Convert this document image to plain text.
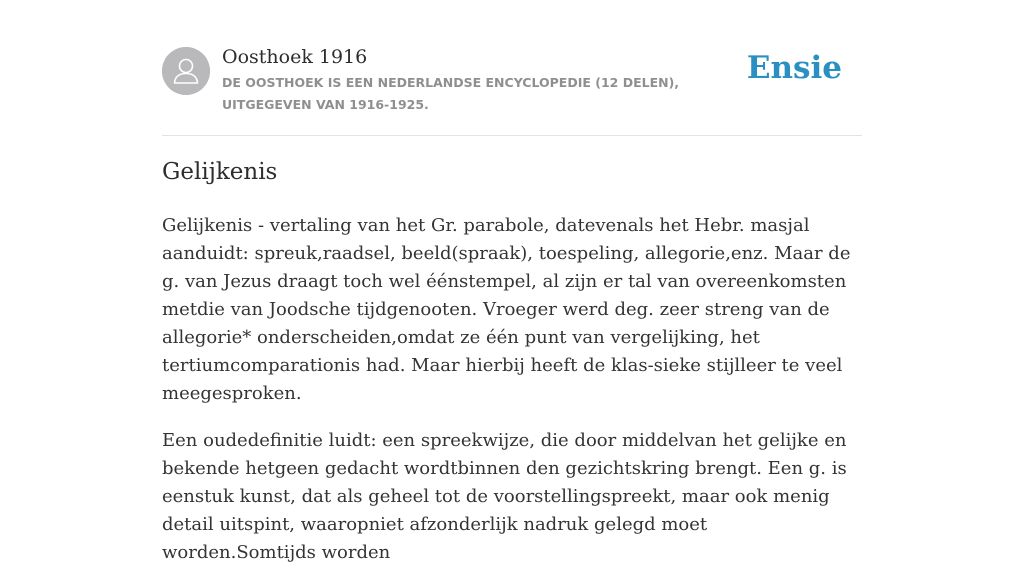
Oosthoek 1916
DE OOSTHOEK IS EEN NEDERLANDSE ENCYCLOPEDIE (12 DELEN), UITGEGEVEN VAN 1916-1925.
Ensie
Gelijkenis

Gelijkenis - vertaling van het Gr. parabole, datevenals het Hebr. masjal aanduidt: spreuk,raadsel, beeld(spraak), toespeling, allegorie,enz. Maar de g. van Jezus draagt toch wel éénstempel, al zijn er tal van overeenkomsten metdie van Joodsche tijdgenooten. Vroeger werd deg. zeer streng van de allegorie* onderscheiden,omdat ze één punt van vergelijking, het tertiumcomparationis had. Maar hierbij heeft de klas-sieke stijlleer te veel meegesproken.

Een oudedefinitie luidt: een spreekwijze, die door middelvan het gelijke en bekende hetgeen gedacht wordtbinnen den gezichtskring brengt. Een g. is eenstuk kunst, dat als geheel tot de voorstellingspreekt, maar ook menig detail uitspint, waaropniet afzonderlijk nadruk gelegd moet worden.Somtijds worden
